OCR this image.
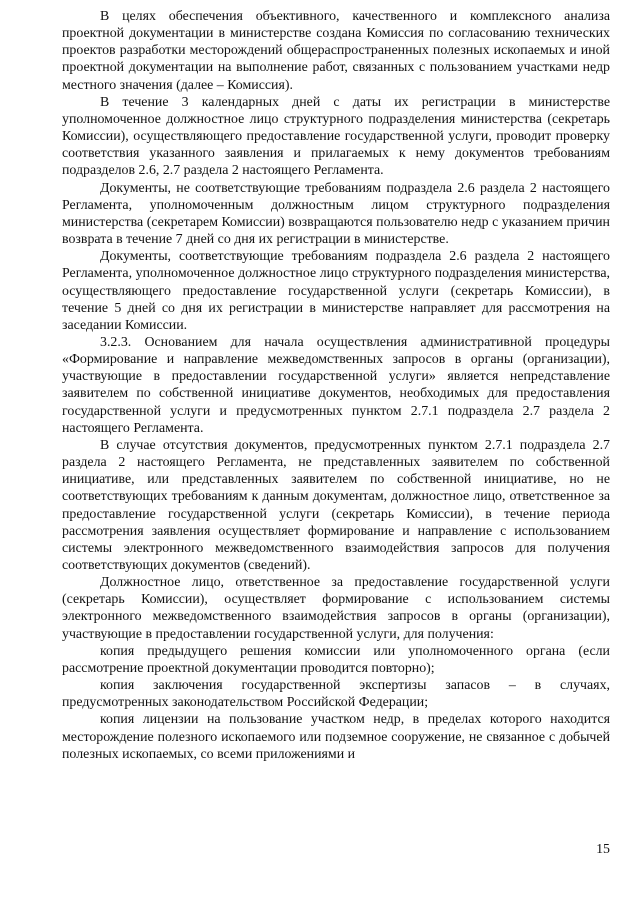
В целях обеспечения объективного, качественного и комплексного анализа проектной документации в министерстве создана Комиссия по согласованию технических проектов разработки месторождений общераспространенных полезных ископаемых и иной проектной документации на выполнение работ, связанных с пользованием участками недр местного значения (далее – Комиссия).

В течение 3 календарных дней с даты их регистрации в министерстве уполномоченное должностное лицо структурного подразделения министерства (секретарь Комиссии), осуществляющего предоставление государственной услуги, проводит проверку соответствия указанного заявления и прилагаемых к нему документов требованиям подразделов 2.6, 2.7 раздела 2 настоящего Регламента.

Документы, не соответствующие требованиям подраздела 2.6 раздела 2 настоящего Регламента, уполномоченным должностным лицом структурного подразделения министерства (секретарем Комиссии) возвращаются пользователю недр с указанием причин возврата в течение 7 дней со дня их регистрации в министерстве.

Документы, соответствующие требованиям подраздела 2.6 раздела 2 настоящего Регламента, уполномоченное должностное лицо структурного подразделения министерства, осуществляющего предоставление государственной услуги (секретарь Комиссии), в течение 5 дней со дня их регистрации в министерстве направляет для рассмотрения на заседании Комиссии.

3.2.3. Основанием для начала осуществления административной процедуры «Формирование и направление межведомственных запросов в органы (организации), участвующие в предоставлении государственной услуги» является непредставление заявителем по собственной инициативе документов, необходимых для предоставления государственной услуги и предусмотренных пунктом 2.7.1 подраздела 2.7 раздела 2 настоящего Регламента.

В случае отсутствия документов, предусмотренных пунктом 2.7.1 подраздела 2.7 раздела 2 настоящего Регламента, не представленных заявителем по собственной инициативе, или представленных заявителем по собственной инициативе, но не соответствующих требованиям к данным документам, должностное лицо, ответственное за предоставление государственной услуги (секретарь Комиссии), в течение периода рассмотрения заявления осуществляет формирование и направление с использованием системы электронного межведомственного взаимодействия запросов для получения соответствующих документов (сведений).

Должностное лицо, ответственное за предоставление государственной услуги (секретарь Комиссии), осуществляет формирование с использованием системы электронного межведомственного взаимодействия запросов в органы (организации), участвующие в предоставлении государственной услуги, для получения:

копия предыдущего решения комиссии или уполномоченного органа (если рассмотрение проектной документации проводится повторно);

копия заключения государственной экспертизы запасов – в случаях, предусмотренных законодательством Российской Федерации;

копия лицензии на пользование участком недр, в пределах которого находится месторождение полезного ископаемого или подземное сооружение, не связанное с добычей полезных ископаемых, со всеми приложениями и

15
